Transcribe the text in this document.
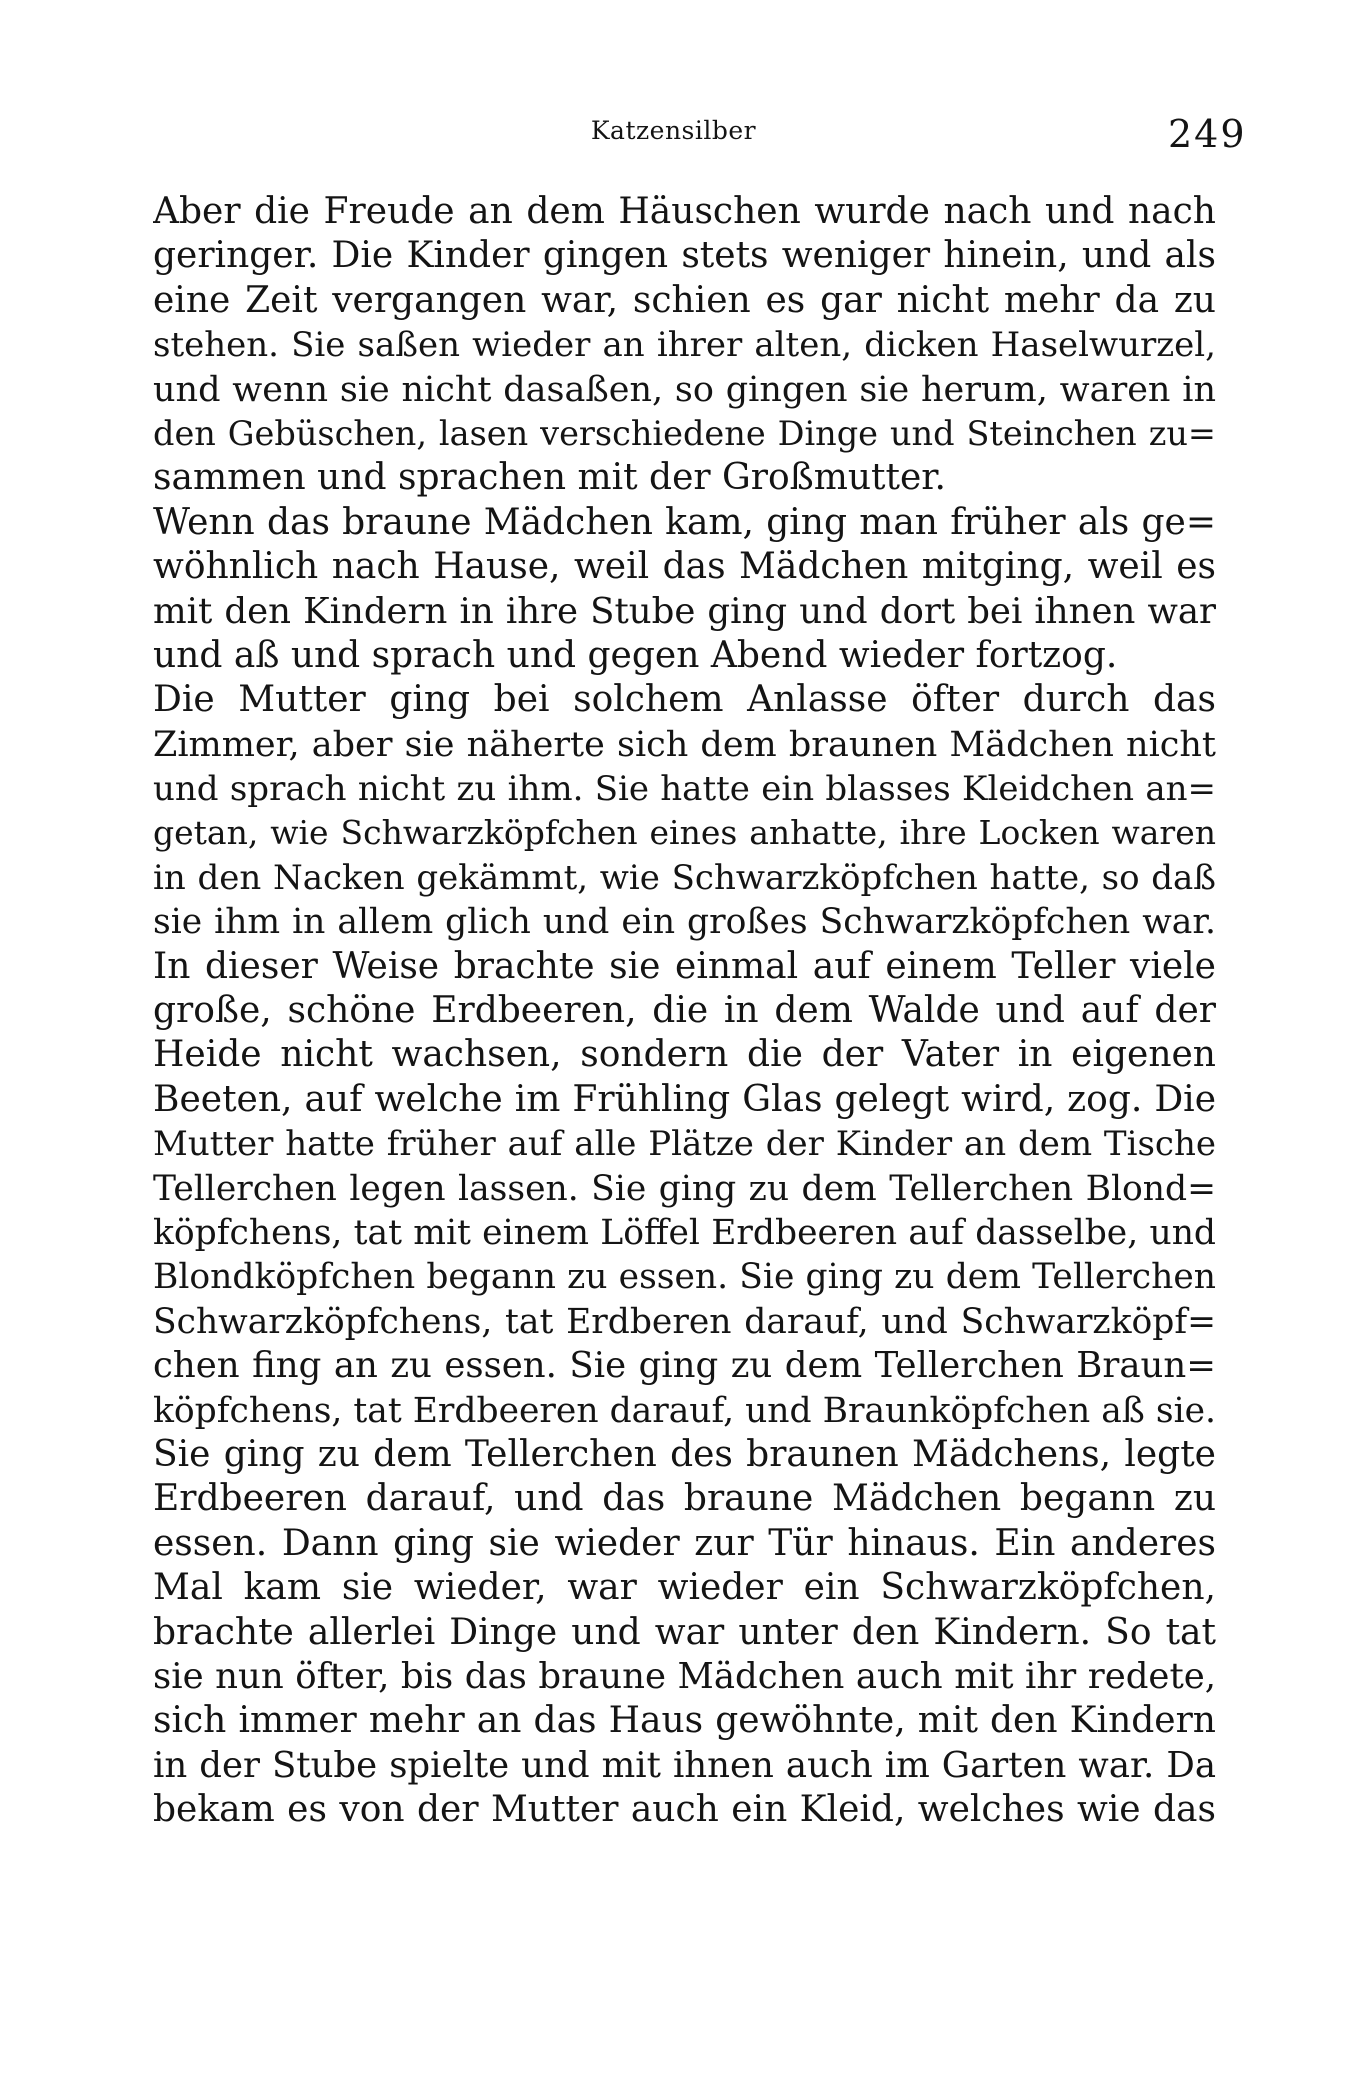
Katzensilber	249
Aber die Freude an dem Häuschen wurde nach und nach
geringer. Die Kinder gingen stets weniger hinein, und als
eine Zeit vergangen war, schien es gar nicht mehr da zu
stehen. Sie saßen wieder an ihrer alten, dicken Haselwurzel,
und wenn sie nicht dasaßen, so gingen sie herum, waren in
den Gebüschen, lasen verschiedene Dinge und Steinchen zu=
sammen und sprachen mit der Großmutter.
Wenn das braune Mädchen kam, ging man früher als ge=
wöhnlich nach Hause, weil das Mädchen mitging, weil es
mit den Kindern in ihre Stube ging und dort bei ihnen war
und aß und sprach und gegen Abend wieder fortzog.
Die Mutter ging bei solchem Anlasse öfter durch das
Zimmer, aber sie näherte sich dem braunen Mädchen nicht
und sprach nicht zu ihm. Sie hatte ein blasses Kleidchen an=
getan, wie Schwarzköpfchen eines anhatte, ihre Locken waren
in den Nacken gekämmt, wie Schwarzköpfchen hatte, so daß
sie ihm in allem glich und ein großes Schwarzköpfchen war.
In dieser Weise brachte sie einmal auf einem Teller viele
große, schöne Erdbeeren, die in dem Walde und auf der
Heide nicht wachsen, sondern die der Vater in eigenen
Beeten, auf welche im Frühling Glas gelegt wird, zog. Die
Mutter hatte früher auf alle Plätze der Kinder an dem Tische
Tellerchen legen lassen. Sie ging zu dem Tellerchen Blond=
köpfchens, tat mit einem Löffel Erdbeeren auf dasselbe, und
Blondköpfchen begann zu essen. Sie ging zu dem Tellerchen
Schwarzköpfchens, tat Erdberen darauf, und Schwarzköpf=
chen fing an zu essen. Sie ging zu dem Tellerchen Braun=
köpfchens, tat Erdbeeren darauf, und Braunköpfchen aß sie.
Sie ging zu dem Tellerchen des braunen Mädchens, legte
Erdbeeren darauf, und das braune Mädchen begann zu
essen. Dann ging sie wieder zur Tür hinaus. Ein anderes
Mal kam sie wieder, war wieder ein Schwarzköpfchen,
brachte allerlei Dinge und war unter den Kindern. So tat
sie nun öfter, bis das braune Mädchen auch mit ihr redete,
sich immer mehr an das Haus gewöhnte, mit den Kindern
in der Stube spielte und mit ihnen auch im Garten war. Da
bekam es von der Mutter auch ein Kleid, welches wie das
